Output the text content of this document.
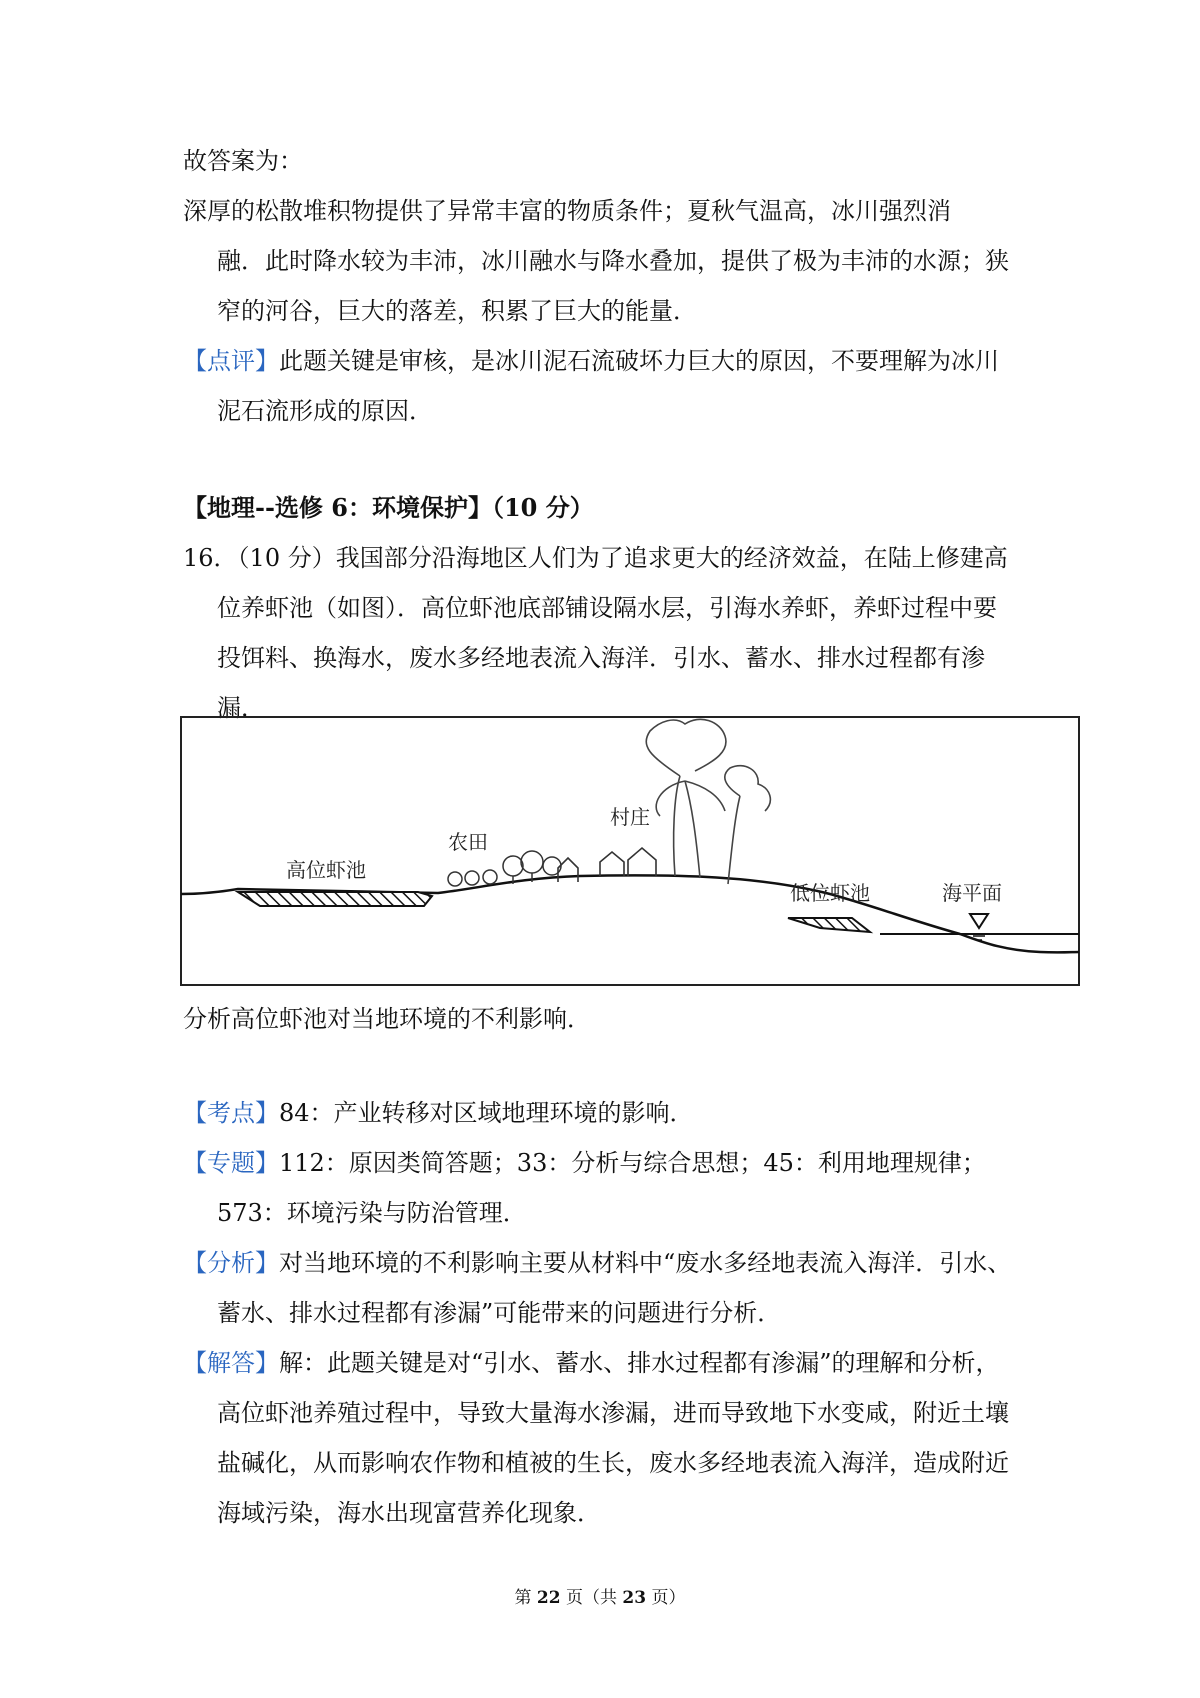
故答案为：
深厚的松散堆积物提供了异常丰富的物质条件；夏秋气温高，冰川强烈消
融．此时降水较为丰沛，冰川融水与降水叠加，提供了极为丰沛的水源；狭
窄的河谷，巨大的落差，积累了巨大的能量．
【点评】此题关键是审核，是冰川泥石流破坏力巨大的原因，不要理解为冰川
泥石流形成的原因．
【地理--选修 6：环境保护】（10 分）
16．（10 分）我国部分沿海地区人们为了追求更大的经济效益，在陆上修建高
位养虾池（如图）．高位虾池底部铺设隔水层，引海水养虾，养虾过程中要
投饵料、换海水，废水多经地表流入海洋．引水、蓄水、排水过程都有渗
漏．
高位虾池
农田
村庄
低位虾池	海平面
分析高位虾池对当地环境的不利影响．
【考点】84：产业转移对区域地理环境的影响．
【专题】112：原因类简答题；33：分析与综合思想；45：利用地理规律；
573：环境污染与防治管理．
【分析】对当地环境的不利影响主要从材料中“废水多经地表流入海洋．引水、
蓄水、排水过程都有渗漏”可能带来的问题进行分析．
【解答】解：此题关键是对“引水、蓄水、排水过程都有渗漏”的理解和分析，
高位虾池养殖过程中，导致大量海水渗漏，进而导致地下水变咸，附近土壤
盐碱化，从而影响农作物和植被的生长，废水多经地表流入海洋，造成附近
海域污染，海水出现富营养化现象．
第 22 页（共 23 页）
